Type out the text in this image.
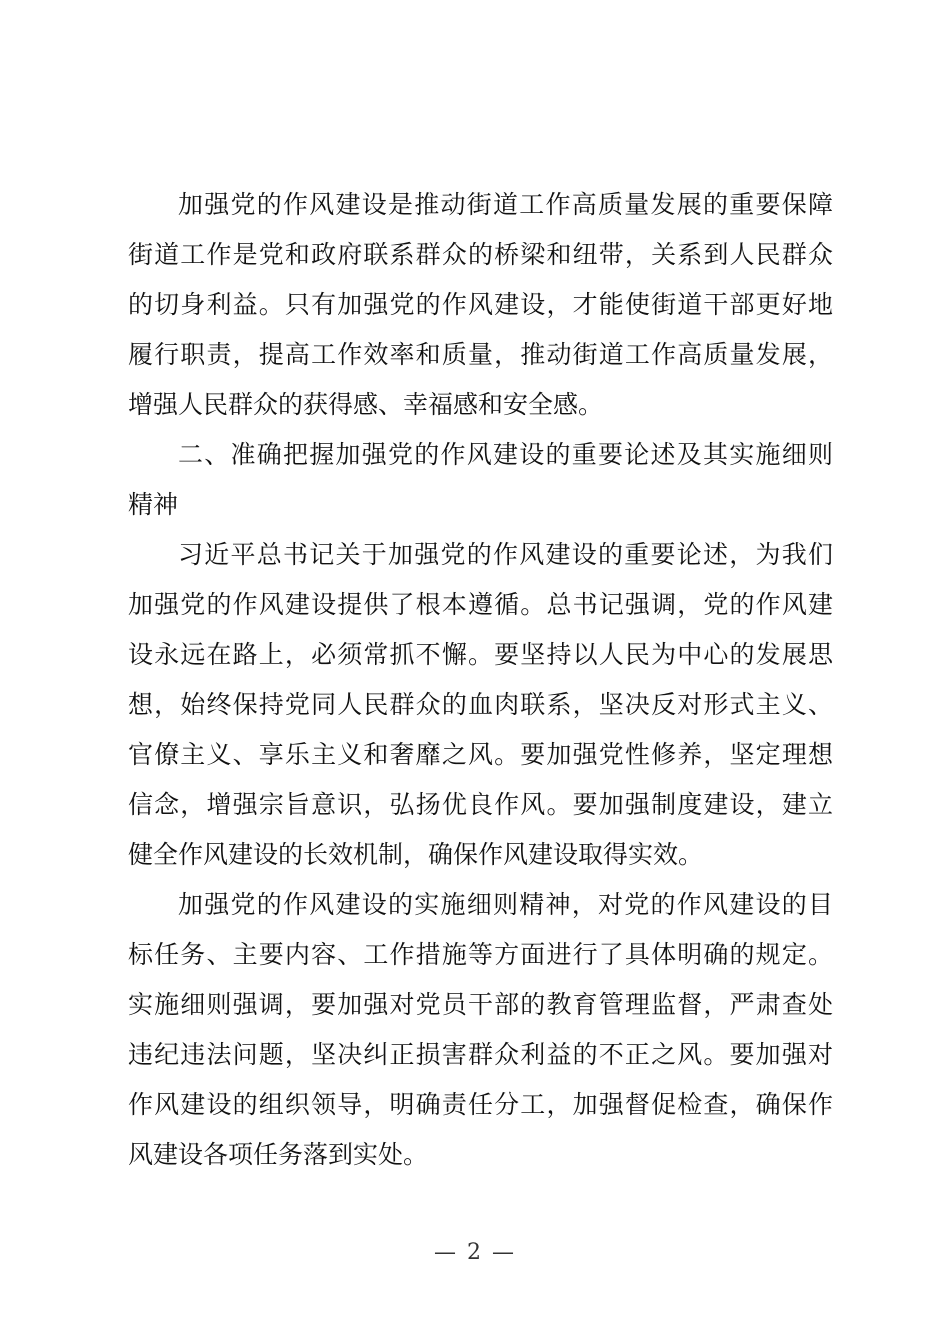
加强党的作风建设是推动街道工作高质量发展的重要保障
街道工作是党和政府联系群众的桥梁和纽带，关系到人民群众
的切身利益。只有加强党的作风建设，才能使街道干部更好地
履行职责，提高工作效率和质量，推动街道工作高质量发展，
增强人民群众的获得感、幸福感和安全感。
二、准确把握加强党的作风建设的重要论述及其实施细则
精神
习近平总书记关于加强党的作风建设的重要论述，为我们
加强党的作风建设提供了根本遵循。总书记强调，党的作风建
设永远在路上，必须常抓不懈。要坚持以人民为中心的发展思
想，始终保持党同人民群众的血肉联系，坚决反对形式主义、
官僚主义、享乐主义和奢靡之风。要加强党性修养，坚定理想
信念，增强宗旨意识，弘扬优良作风。要加强制度建设，建立
健全作风建设的长效机制，确保作风建设取得实效。
加强党的作风建设的实施细则精神，对党的作风建设的目
标任务、主要内容、工作措施等方面进行了具体明确的规定。
实施细则强调，要加强对党员干部的教育管理监督，严肃查处
违纪违法问题，坚决纠正损害群众利益的不正之风。要加强对
作风建设的组织领导，明确责任分工，加强督促检查，确保作
风建设各项任务落到实处。
— 2 —
